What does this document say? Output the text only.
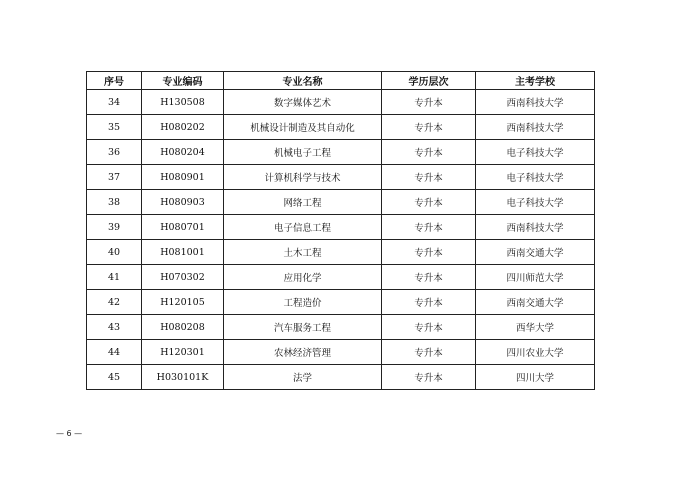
序号	专业编码	专业名称	学历层次	主考学校
34	H130508	数字媒体艺术	专升本	西南科技大学
35	H080202	机械设计制造及其自动化	专升本	西南科技大学
36	H080204	机械电子工程	专升本	电子科技大学
37	H080901	计算机科学与技术	专升本	电子科技大学
38	H080903	网络工程	专升本	电子科技大学
39	H080701	电子信息工程	专升本	西南科技大学
40	H081001	土木工程	专升本	西南交通大学
41	H070302	应用化学	专升本	四川师范大学
42	H120105	工程造价	专升本	西南交通大学
43	H080208	汽车服务工程	专升本	西华大学
44	H120301	农林经济管理	专升本	四川农业大学
45	H030101K	法学	专升本	四川大学
— 6 —
